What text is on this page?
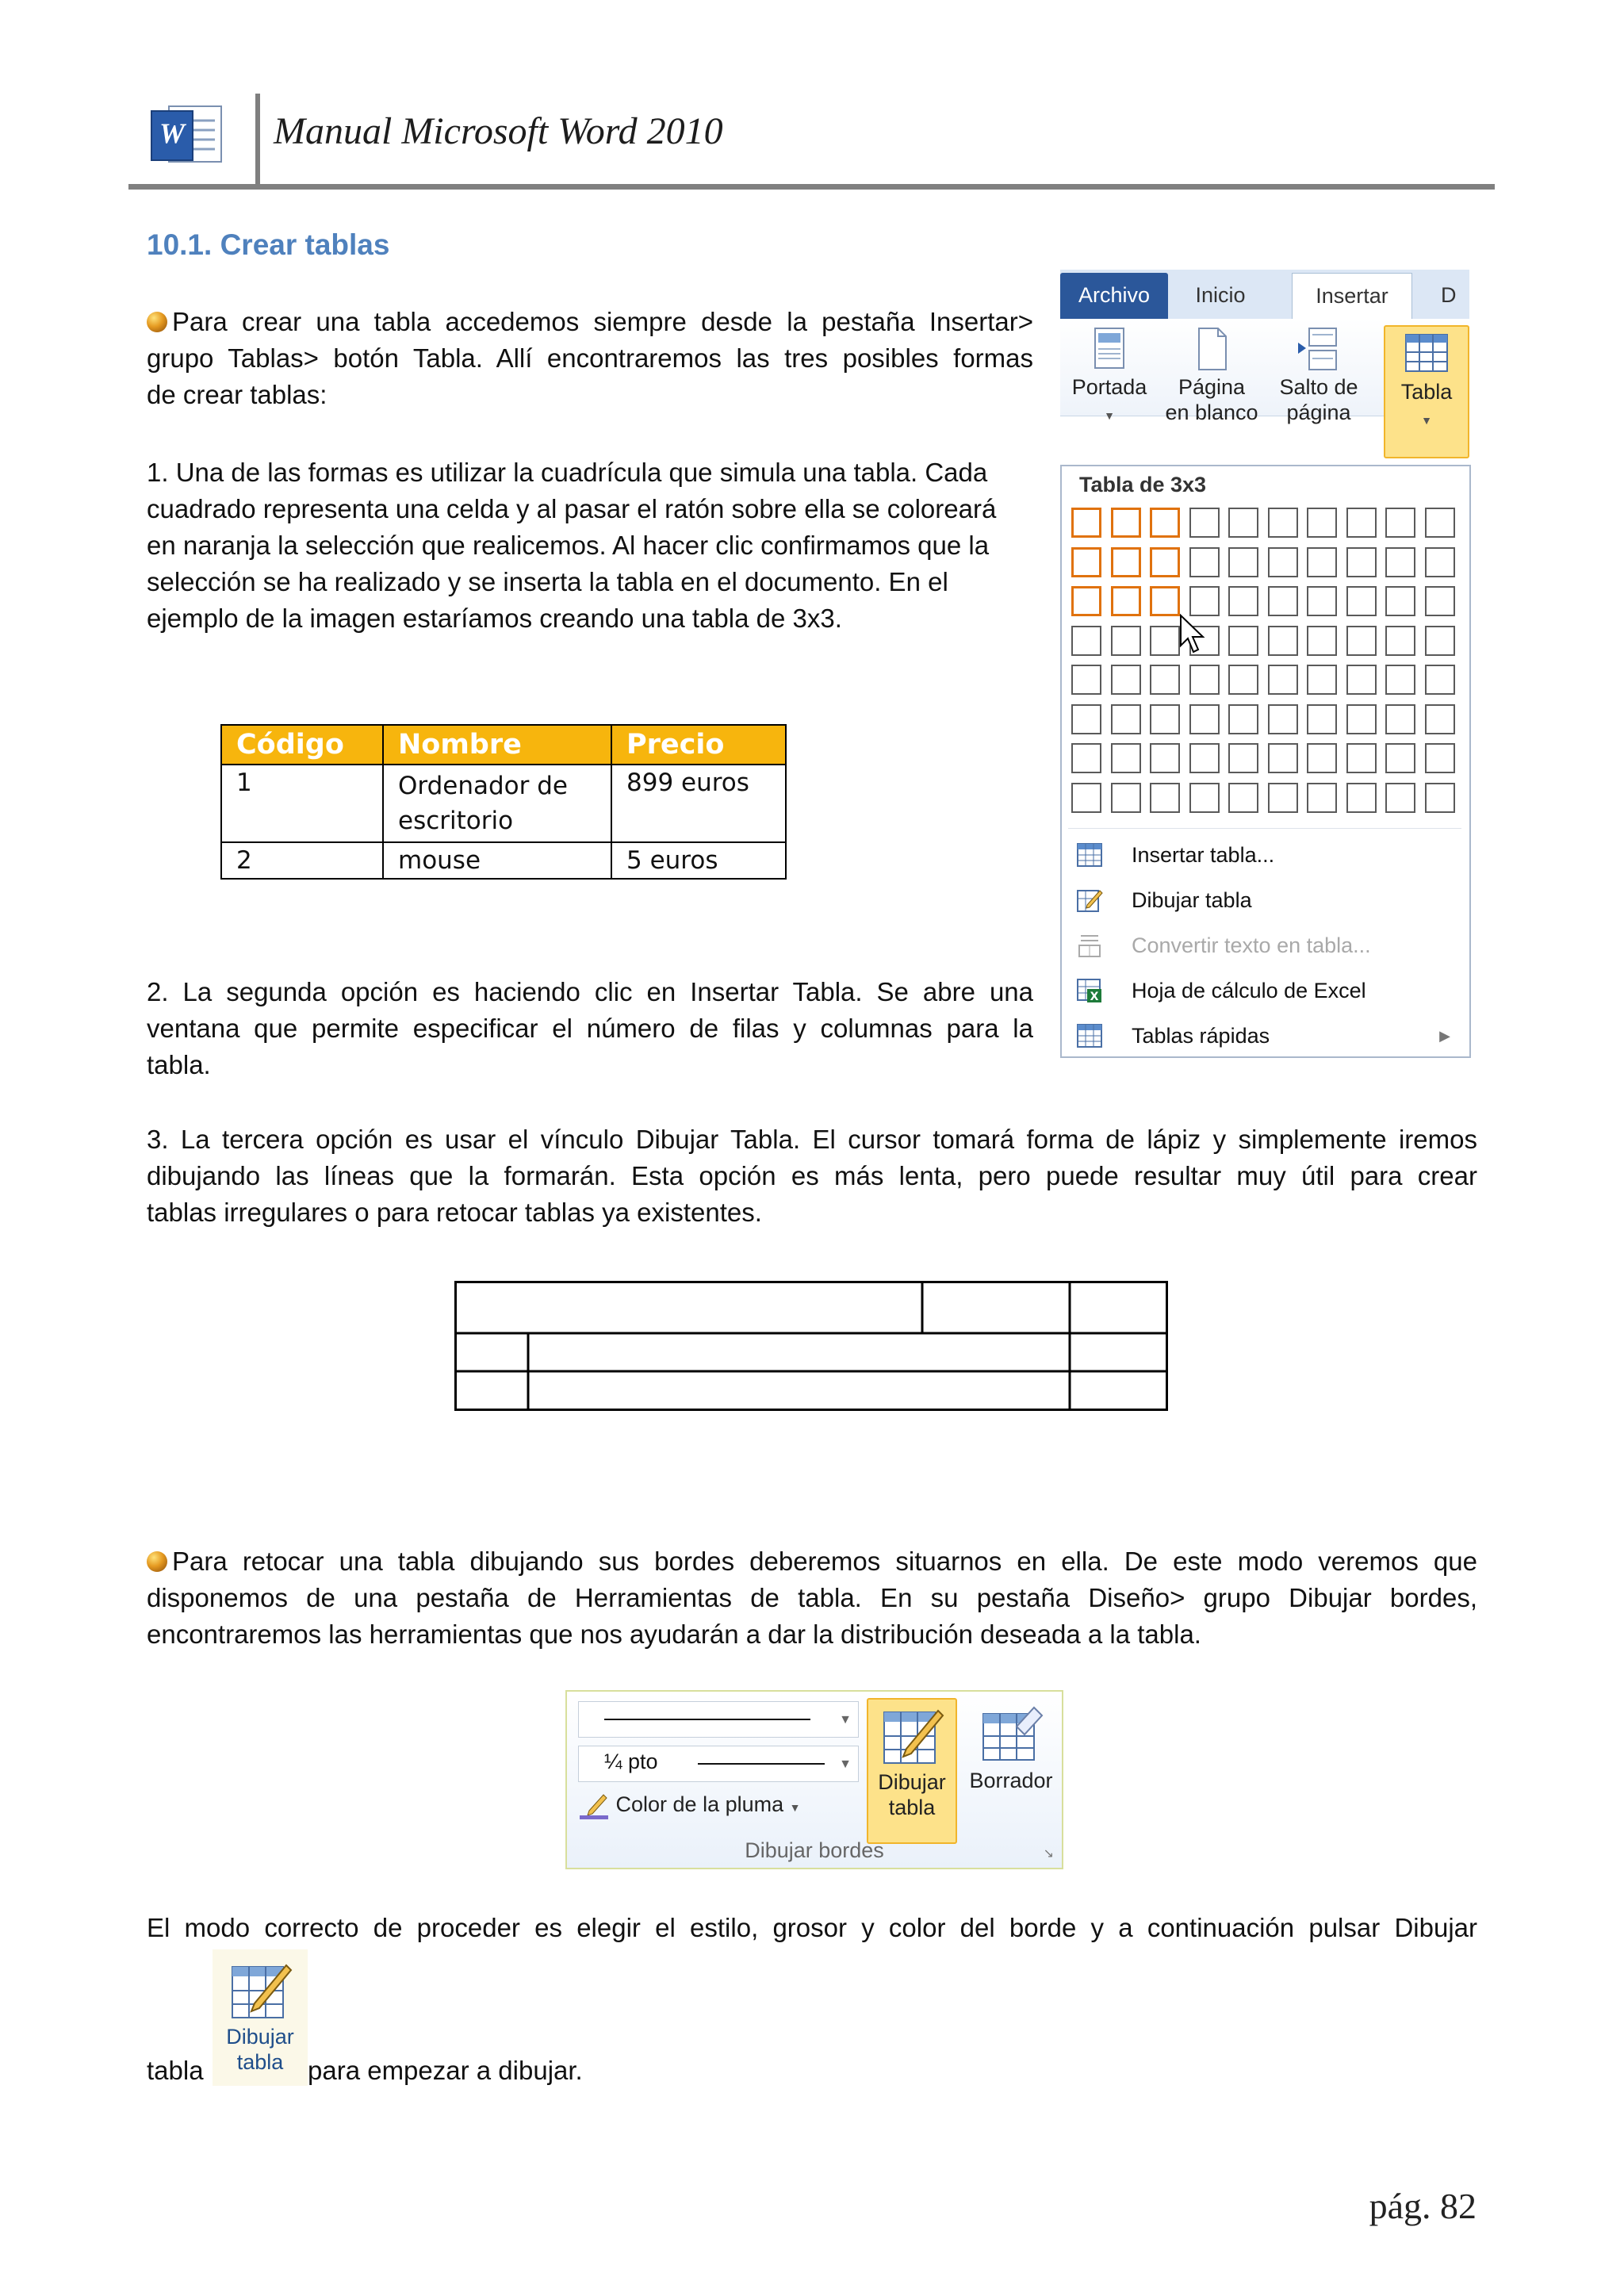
W Manual Microsoft Word 2010
10.1. Crear tablas
Para crear una tabla accedemos siempre desde la pestaña Insertar>
grupo Tablas> botón Tabla. Allí encontraremos las tres posibles formas
de crear tablas:
1. Una de las formas es utilizar la cuadrícula que simula una tabla. Cada
cuadrado representa una celda y al pasar el ratón sobre ella se coloreará
en naranja la selección que realicemos. Al hacer clic confirmamos que la
selección se ha realizado y se inserta la tabla en el documento. En el
ejemplo de la imagen estaríamos creando una tabla de 3x3.
Código	Nombre	Precio
1	Ordenador de escritorio	899 euros
2	mouse	5 euros
Archivo	Inicio	Insertar	D
Portada
▼
Página
en blanco
Salto de
página
Tabla
▼
Tabla de 3x3
Insertar tabla...
Dibujar tabla
Convertir texto en tabla...
X Hoja de cálculo de Excel
Tablas rápidas	▶
2. La segunda opción es haciendo clic en Insertar Tabla. Se abre una
ventana que permite especificar el número de filas y columnas para la
tabla.
3. La tercera opción es usar el vínculo Dibujar Tabla. El cursor tomará forma de lápiz y simplemente iremos
dibujando las líneas que la formarán. Esta opción es más lenta, pero puede resultar muy útil para crear
tablas irregulares o para retocar tablas ya existentes.
Para retocar una tabla dibujando sus bordes deberemos situarnos en ella. De este modo veremos que
disponemos de una pestaña de Herramientas de tabla. En su pestaña Diseño> grupo Dibujar bordes,
encontraremos las herramientas que nos ayudarán a dar la distribución deseada a la tabla.
▼
¼ pto	▼
Color de la pluma ▼
Dibujar
tabla
Borrador
Dibujar bordes	↘
El modo correcto de proceder es elegir el estilo, grosor y color del borde y a continuación pulsar Dibujar
tabla
Dibujar
tabla para empezar a dibujar.
pág. 82
